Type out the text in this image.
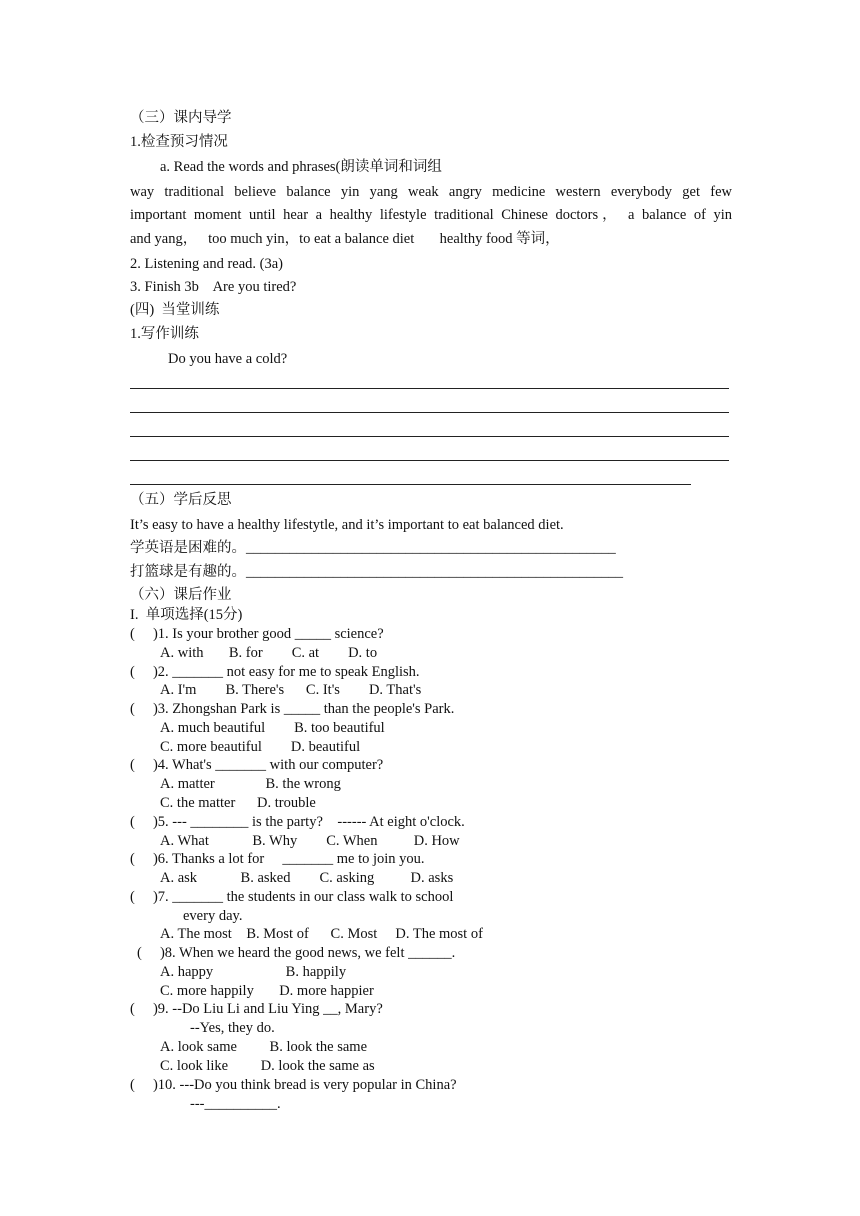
（三）课内导学
1.检查预习情况
a. Read the words and phrases(朗读单词和词组
way traditional believe balance yin yang weak angry medicine western everybody get few
important moment until hear a healthy lifestyle traditional Chinese doctors， a balance of yin
and yang，   too much yin，to eat a balance diet       healthy food 等词，
2. Listening and read. (3a)
3. Finish 3b    Are you tired?
(四)  当堂训练
1.写作训练
Do you have a cold?
（五）学后反思
It’s easy to have a healthy lifestytle, and it’s important to eat balanced diet.
学英语是困难的。___________________________________________________
打篮球是有趣的。____________________________________________________
（六）课后作业
I.  单项选择(15分)
(     )1. Is your brother good _____ science?
A. with       B. for        C. at        D. to
(     )2. _______ not easy for me to speak English.
A. I'm        B. There's      C. It's        D. That's
(     )3. Zhongshan Park is _____ than the people's Park.
A. much beautiful        B. too beautiful
C. more beautiful        D. beautiful
(     )4. What's _______ with our computer?
A. matter              B. the wrong
C. the matter      D. trouble
(     )5. --- ________ is the party?    ------ At eight o'clock.
A. What            B. Why        C. When          D. How
(     )6. Thanks a lot for     _______ me to join you.
A. ask            B. asked        C. asking          D. asks
(     )7. _______ the students in our class walk to school
every day.
A. The most    B. Most of      C. Most     D. The most of
(     )8. When we heard the good news, we felt ______.
A. happy                    B. happily
C. more happily       D. more happier
(     )9. --Do Liu Li and Liu Ying __, Mary?
--Yes, they do.
A. look same         B. look the same
C. look like         D. look the same as
(     )10. ---Do you think bread is very popular in China?
---__________.
